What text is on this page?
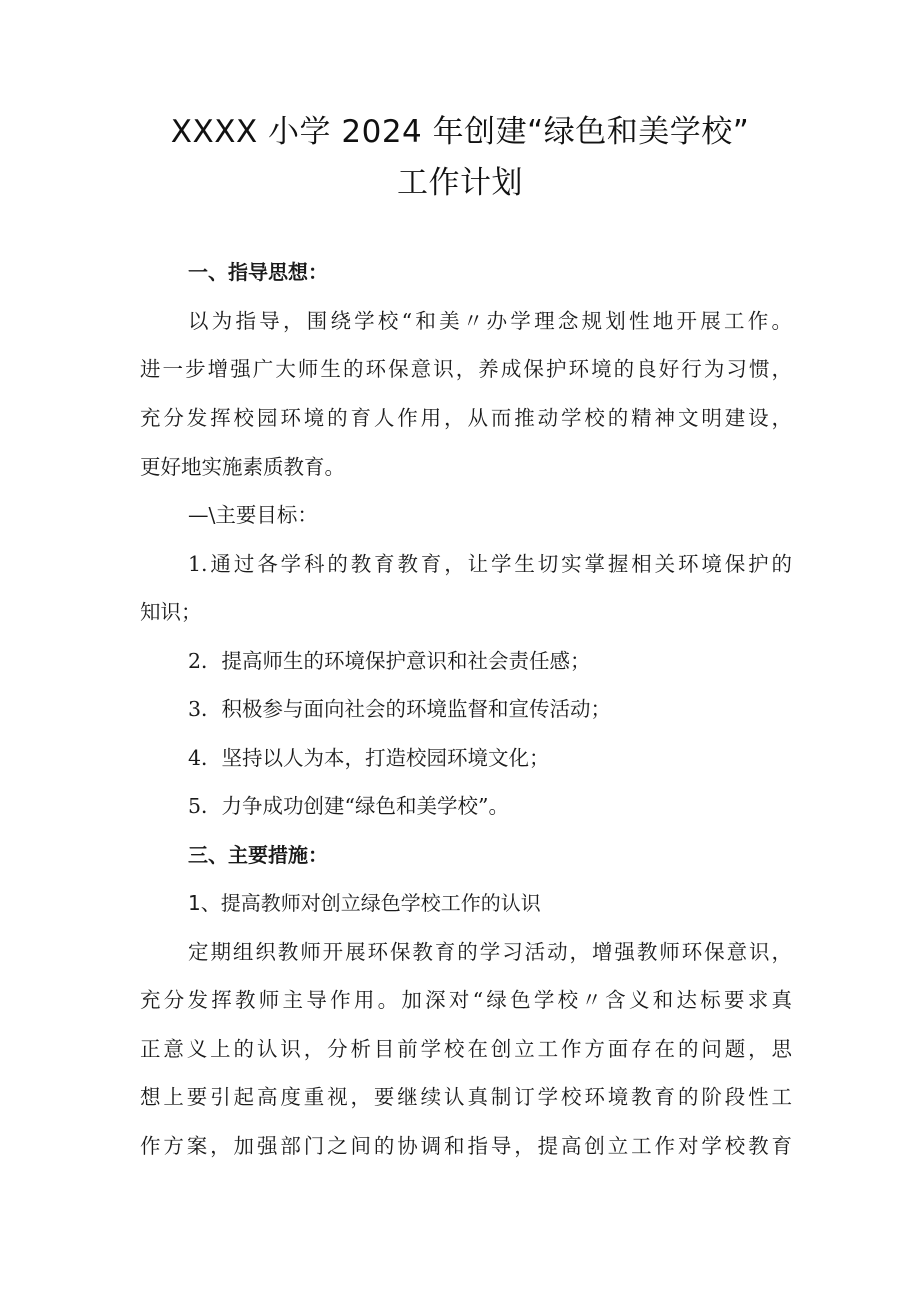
XXXX 小学 2024 年创建“绿色和美学校”
工作计划
一、指导思想：
以为指导，围绕学校“和美〃办学理念规划性地开展工作。
进一步增强广大师生的环保意识，养成保护环境的良好行为习惯，
充分发挥校园环境的育人作用，从而推动学校的精神文明建设，
更好地实施素质教育。
—\主要目标：
1.通过各学科的教育教育，让学生切实掌握相关环境保护的
知识；
2．提高师生的环境保护意识和社会责任感；
3．积极参与面向社会的环境监督和宣传活动；
4．坚持以人为本，打造校园环境文化；
5．力争成功创建“绿色和美学校”。
三、主要措施：
1、提高教师对创立绿色学校工作的认识
定期组织教师开展环保教育的学习活动，增强教师环保意识，
充分发挥教师主导作用。加深对“绿色学校〃含义和达标要求真
正意义上的认识，分析目前学校在创立工作方面存在的问题，思
想上要引起高度重视，要继续认真制订学校环境教育的阶段性工
作方案，加强部门之间的协调和指导，提高创立工作对学校教育
